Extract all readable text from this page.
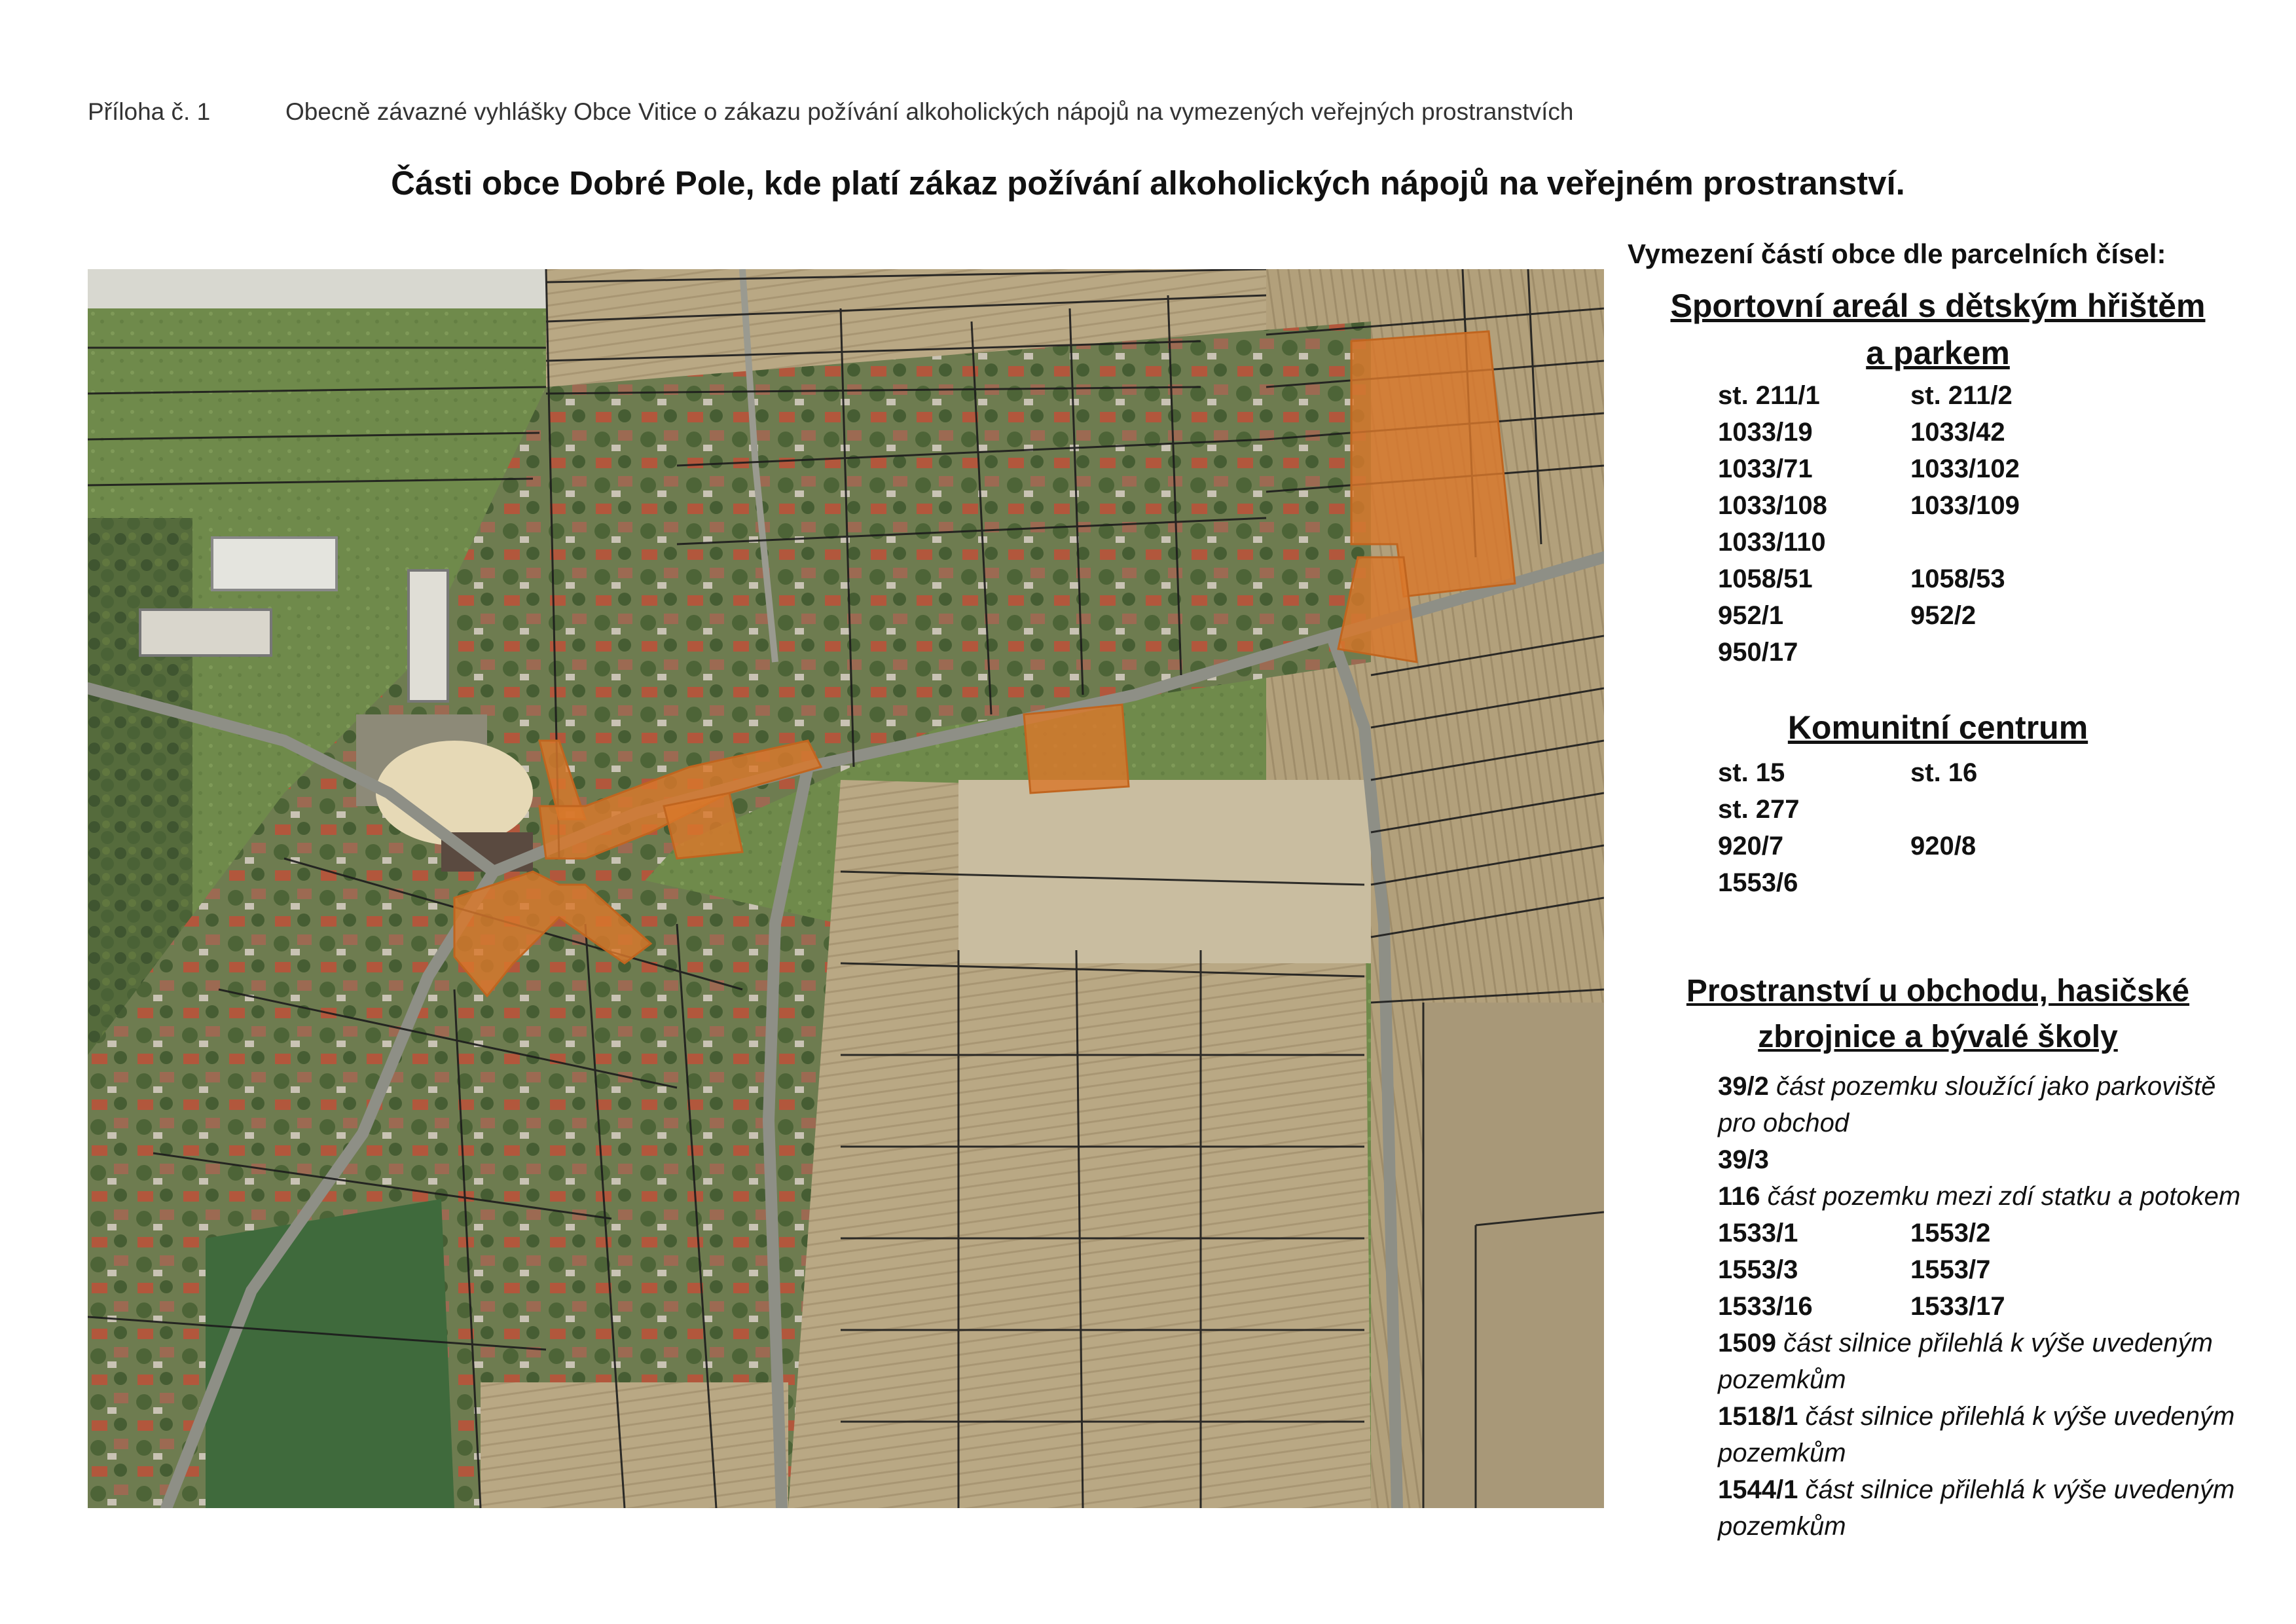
Příloha č. 1	Obecně závazné vyhlášky Obce Vitice o zákazu požívání alkoholických nápojů na vymezených veřejných prostranstvích
Části obce Dobré Pole, kde platí zákaz požívání alkoholických nápojů na veřejném prostranství.
Vymezení částí obce dle parcelních čísel:
Sportovní areál s dětským hřištěm
a parkem
st. 211/1	st. 211/2
1033/19	1033/42
1033/71	1033/102
1033/108	1033/109
1033/110
1058/51	1058/53
952/1	952/2
950/17
Komunitní centrum
st. 15	st. 16
st. 277
920/7	920/8
1553/6
Prostranství u obchodu, hasičské
zbrojnice a bývalé školy
39/2 část pozemku sloužící jako parkoviště pro obchod
39/3
116 část pozemku mezi zdí statku a potokem
1533/1	1553/2
1553/3	1553/7
1533/16	1533/17
1509 část silnice přilehlá k výše uvedeným pozemkům
1518/1 část silnice přilehlá k výše uvedeným pozemkům
1544/1 část silnice přilehlá k výše uvedeným pozemkům
